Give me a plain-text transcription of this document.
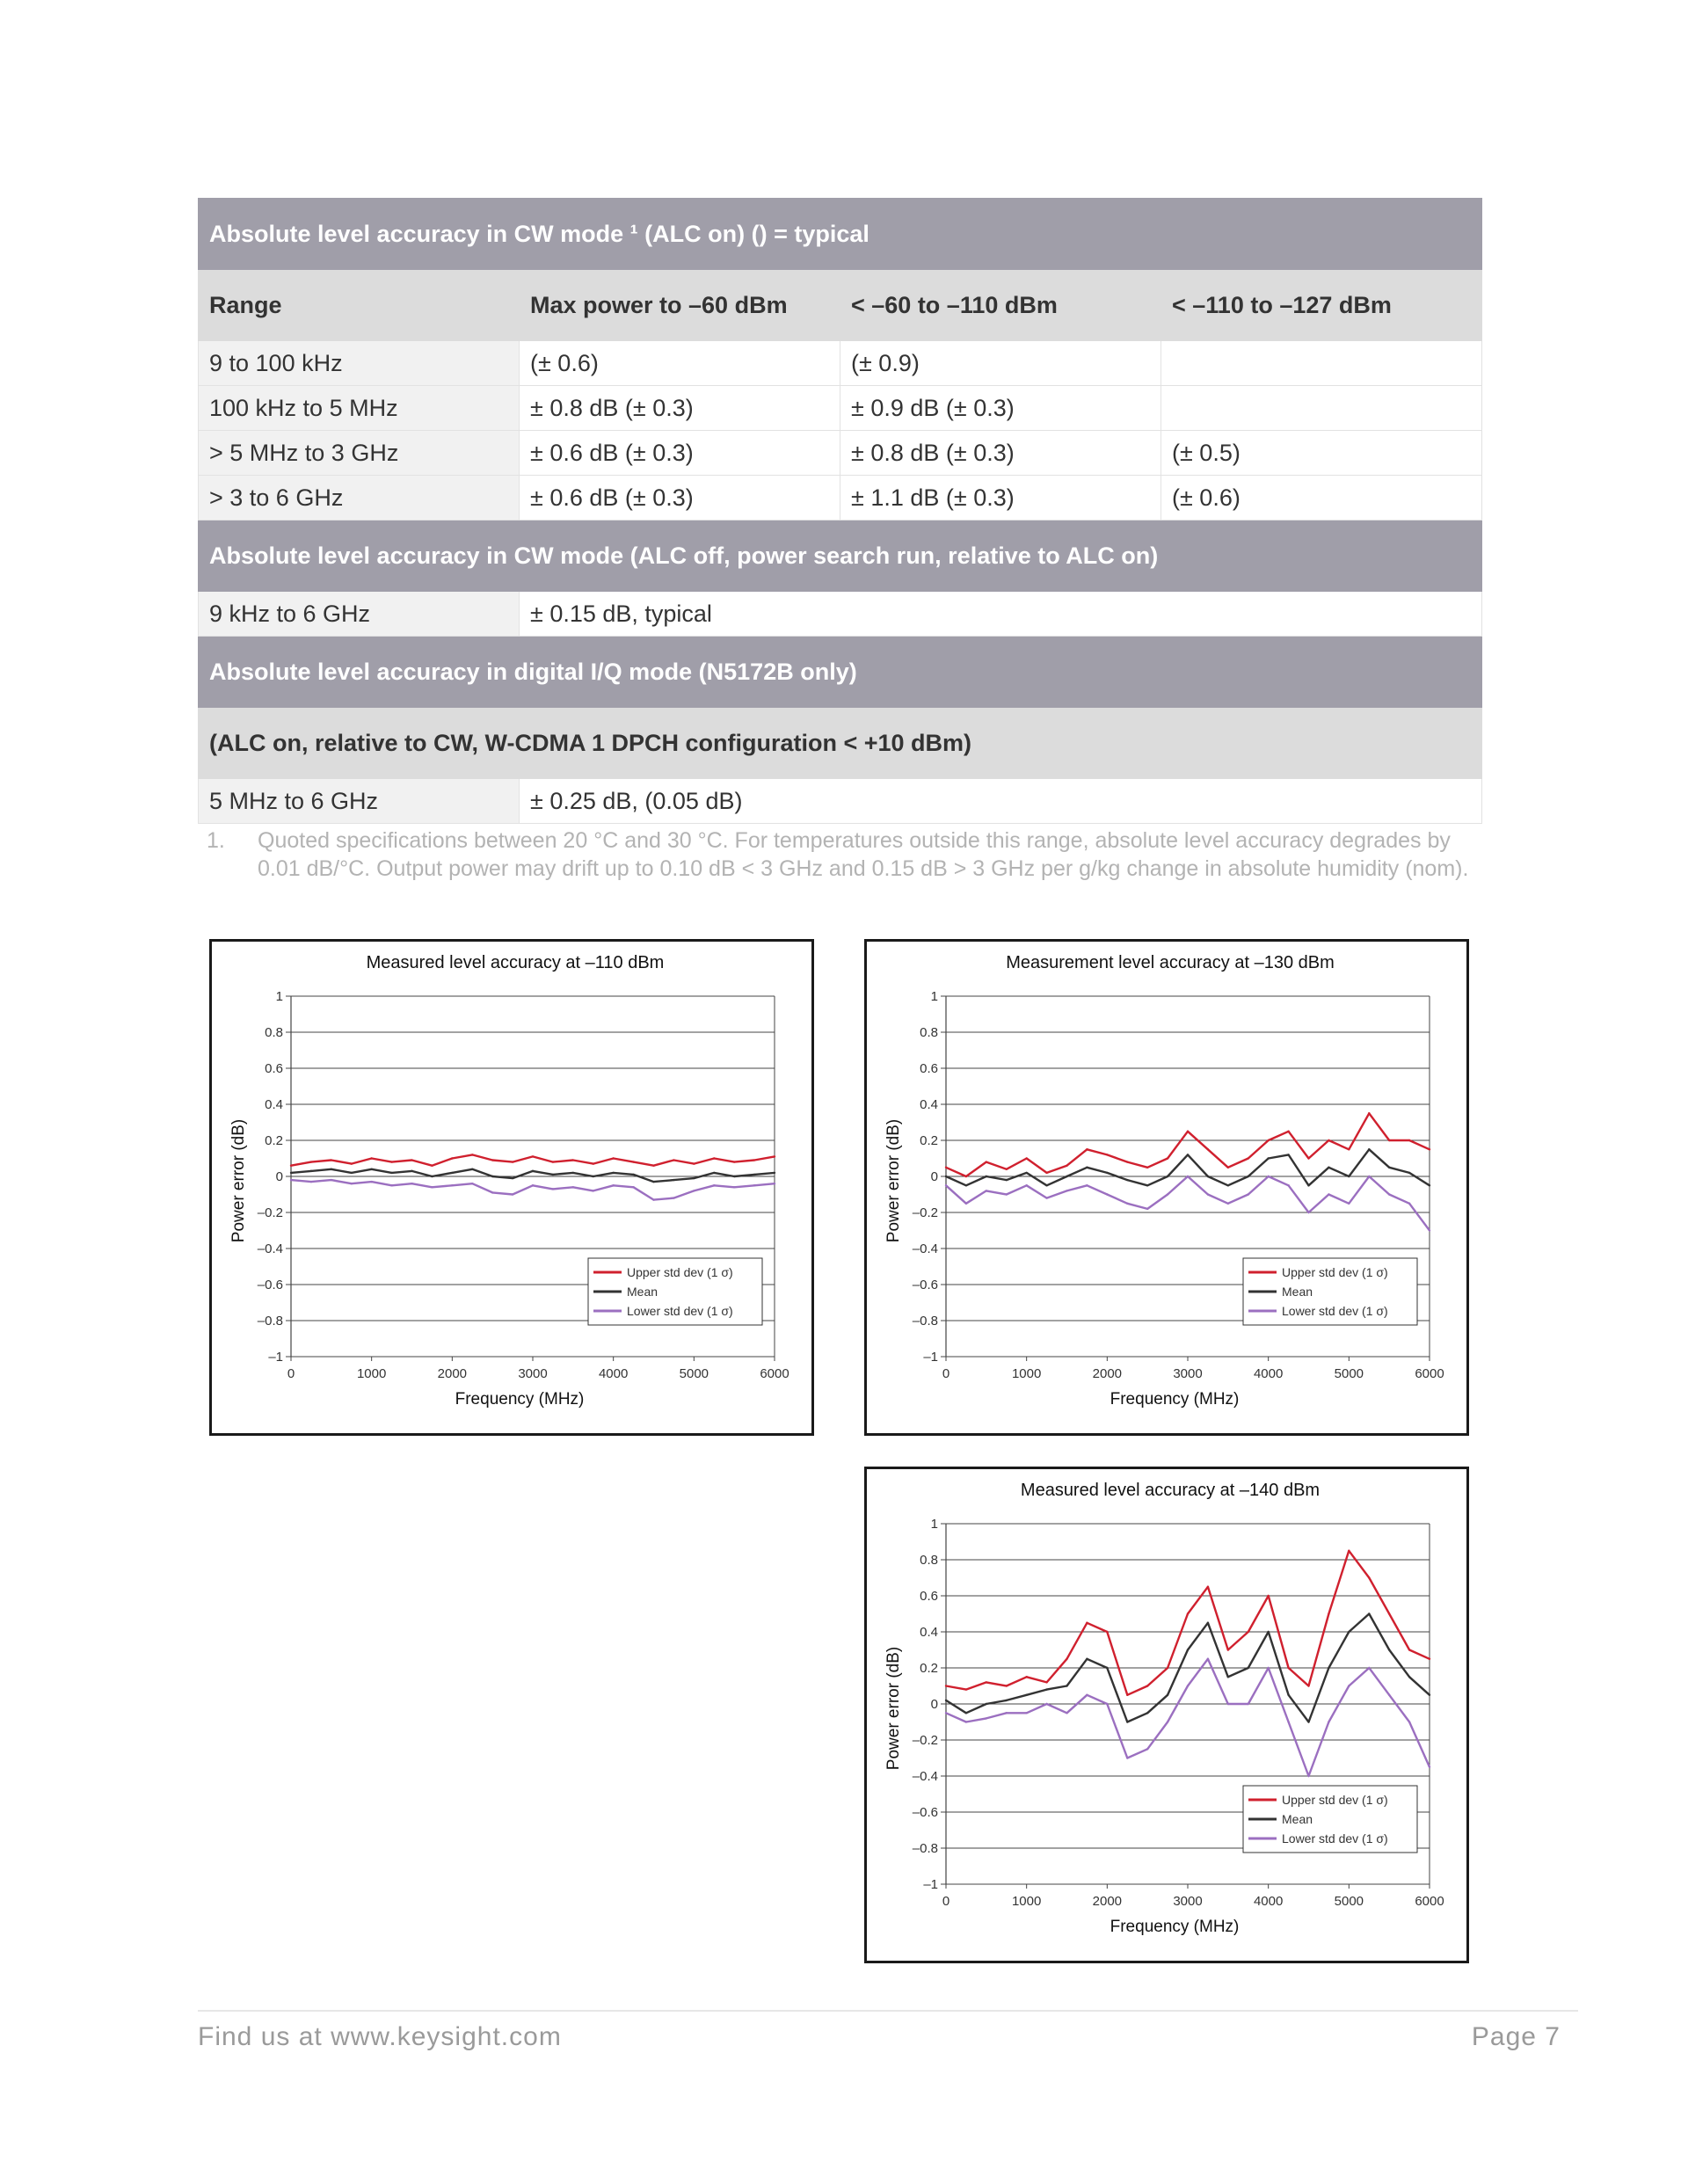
Absolute level accuracy in CW mode ¹ (ALC on) () = typical			
Range	Max power to –60 dBm	< –60 to –110 dBm	< –110 to –127 dBm
9 to 100 kHz	(± 0.6)	(± 0.9)	
100 kHz to 5 MHz	± 0.8 dB (± 0.3)	± 0.9 dB (± 0.3)	
> 5 MHz to 3 GHz	± 0.6 dB (± 0.3)	± 0.8 dB (± 0.3)	(± 0.5)
> 3 to 6 GHz	± 0.6 dB (± 0.3)	± 1.1 dB (± 0.3)	(± 0.6)
Absolute level accuracy in CW mode (ALC off, power search run, relative to ALC on)			
9 kHz to 6 GHz	± 0.15 dB, typical		
Absolute level accuracy in digital I/Q mode (N5172B only)			
(ALC on, relative to CW, W-CDMA 1 DPCH configuration < +10 dBm)			
5 MHz to 6 GHz	± 0.25 dB, (0.05 dB)		
1. Quoted specifications between 20 °C and 30 °C. For temperatures outside this range, absolute level accuracy degrades by 0.01 dB/°C. Output power may drift up to 0.10 dB < 3 GHz and 0.15 dB > 3 GHz per g/kg change in absolute humidity (nom).
Measured level accuracy at –110 dBm
1
0.8
0.6
0.4
0.2
0
–0.2
–0.4
–0.6
–0.8
–1
0	1000	2000	3000	4000	5000	6000
Frequency (MHz)
Power error (dB)
Upper std dev (1 σ)
Mean
Lower std dev (1 σ)
Measurement level accuracy at –130 dBm
1
0.8
0.6
0.4
0.2
0
–0.2
–0.4
–0.6
–0.8
–1
0	1000	2000	3000	4000	5000	6000
Frequency (MHz)
Power error (dB)
Upper std dev (1 σ)
Mean
Lower std dev (1 σ)
Measured level accuracy at –140 dBm
1
0.8
0.6
0.4
0.2
0
–0.2
–0.4
–0.6
–0.8
–1
0	1000	2000	3000	4000	5000	6000
Frequency (MHz)
Power error (dB)
Upper std dev (1 σ)
Mean
Lower std dev (1 σ)
Find us at www.keysight.com	Page 7
